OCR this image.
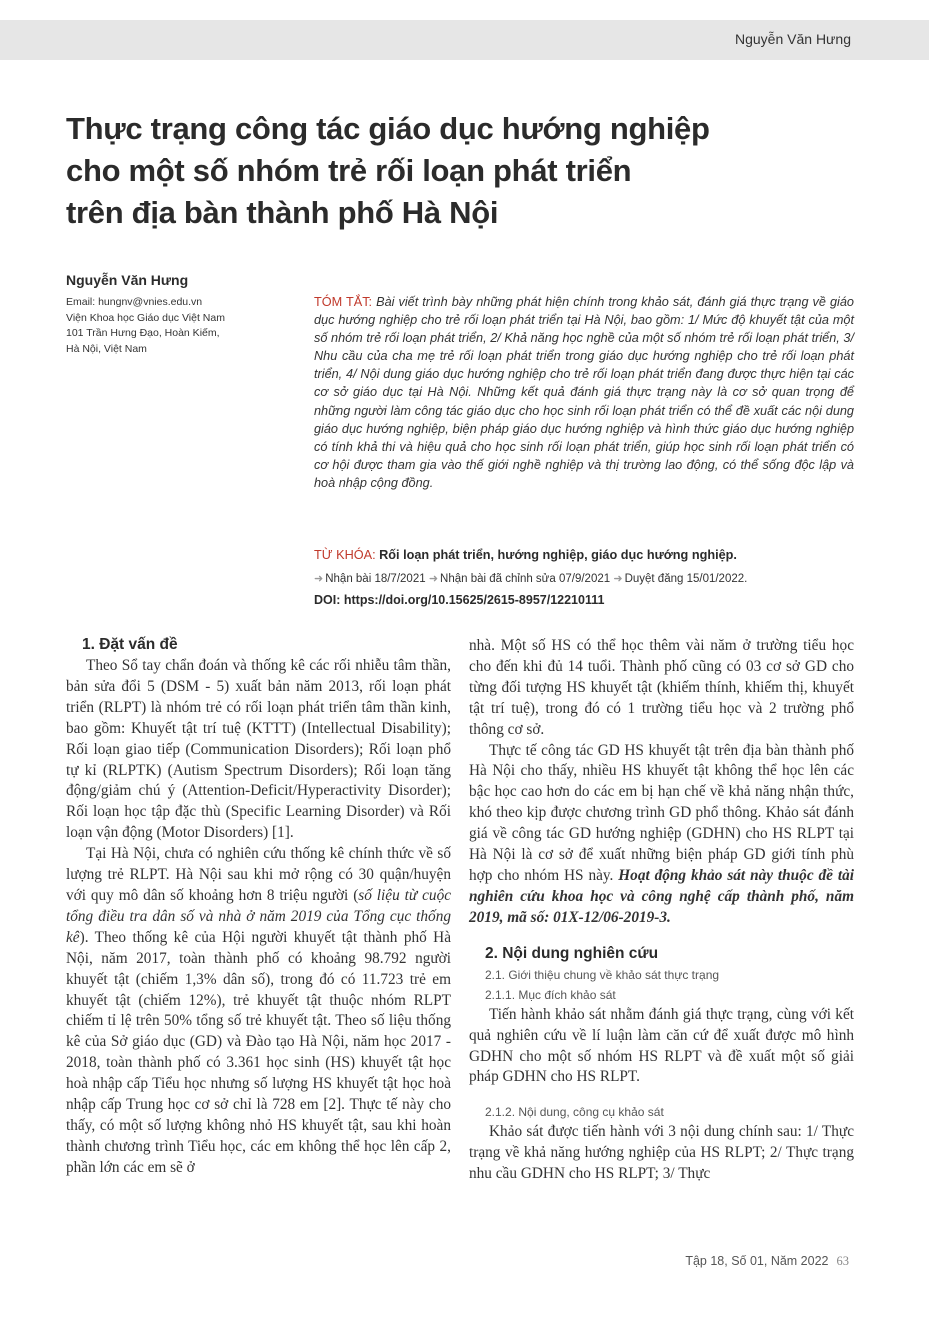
Nguyễn Văn Hưng
Thực trạng công tác giáo dục hướng nghiệp
cho một số nhóm trẻ rối loạn phát triển
trên địa bàn thành phố Hà Nội
Nguyễn Văn Hưng
Email: hungnv@vnies.edu.vn
Viện Khoa học Giáo dục Việt Nam
101 Trần Hưng Đạo, Hoàn Kiếm,
Hà Nội, Việt Nam
TÓM TẮT: Bài viết trình bày những phát hiện chính trong khảo sát, đánh giá thực trạng về giáo dục hướng nghiệp cho trẻ rối loạn phát triển tại Hà Nội, bao gồm: 1/ Mức độ khuyết tật của một số nhóm trẻ rối loạn phát triển, 2/ Khả năng học nghề của một số nhóm trẻ rối loạn phát triển, 3/ Nhu cầu của cha mẹ trẻ rối loạn phát triển trong giáo dục hướng nghiệp cho trẻ rối loạn phát triển, 4/ Nội dung giáo dục hướng nghiệp cho trẻ rối loạn phát triển đang được thực hiện tại các cơ sở giáo dục tại Hà Nội. Những kết quả đánh giá thực trạng này là cơ sở quan trọng để những người làm công tác giáo dục cho học sinh rối loạn phát triển có thể đề xuất các nội dung giáo dục hướng nghiệp, biện pháp giáo dục hướng nghiệp và hình thức giáo dục hướng nghiệp có tính khả thi và hiệu quả cho học sinh rối loạn phát triển, giúp học sinh rối loạn phát triển có cơ hội được tham gia vào thế giới nghề nghiệp và thị trường lao động, có thể sống độc lập và hoà nhập cộng đồng.
TỪ KHÓA: Rối loạn phát triển, hướng nghiệp, giáo dục hướng nghiệp.
➜ Nhận bài 18/7/2021 ➜ Nhận bài đã chỉnh sửa 07/9/2021 ➜ Duyệt đăng 15/01/2022.
DOI: https://doi.org/10.15625/2615-8957/12210111
1. Đặt vấn đề

Theo Sổ tay chẩn đoán và thống kê các rối nhiễu tâm thần, bản sửa đổi 5 (DSM - 5) xuất bản năm 2013, rối loạn phát triển (RLPT) là nhóm trẻ có rối loạn phát triển tâm thần kinh, bao gồm: Khuyết tật trí tuệ (KTTT) (Intellectual Disability); Rối loạn giao tiếp (Communication Disorders); Rối loạn phổ tự kỉ (RLPTK) (Autism Spectrum Disorders); Rối loạn tăng động/giảm chú ý (Attention-Deficit/Hyperactivity Disorder); Rối loạn học tập đặc thù (Specific Learning Disorder) và Rối loạn vận động (Motor Disorders) [1].

Tại Hà Nội, chưa có nghiên cứu thống kê chính thức về số lượng trẻ RLPT. Hà Nội sau khi mở rộng có 30 quận/huyện với quy mô dân số khoảng hơn 8 triệu người (số liệu từ cuộc tổng điều tra dân số và nhà ở năm 2019 của Tổng cục thống kê). Theo thống kê của Hội người khuyết tật thành phố Hà Nội, năm 2017, toàn thành phố có khoảng 98.792 người khuyết tật (chiếm 1,3% dân số), trong đó có 11.723 trẻ em khuyết tật (chiếm 12%), trẻ khuyết tật thuộc nhóm RLPT chiếm tỉ lệ trên 50% tổng số trẻ khuyết tật. Theo số liệu thống kê của Sở giáo dục (GD) và Đào tạo Hà Nội, năm học 2017 - 2018, toàn thành phố có 3.361 học sinh (HS) khuyết tật học hoà nhập cấp Tiểu học nhưng số lượng HS khuyết tật học hoà nhập cấp Trung học cơ sở chỉ là 728 em [2]. Thực tế này cho thấy, có một số lượng không nhỏ HS khuyết tật, sau khi hoàn thành chương trình Tiểu học, các em không thể học lên cấp 2, phần lớn các em sẽ ở

nhà. Một số HS có thể học thêm vài năm ở trường tiểu học cho đến khi đủ 14 tuổi. Thành phố cũng có 03 cơ sở GD cho từng đối tượng HS khuyết tật (khiếm thính, khiếm thị, khuyết tật trí tuệ), trong đó có 1 trường tiểu học và 2 trường phổ thông cơ sở.

Thực tế công tác GD HS khuyết tật trên địa bàn thành phố Hà Nội cho thấy, nhiều HS khuyết tật không thể học lên các bậc học cao hơn do các em bị hạn chế về khả năng nhận thức, khó theo kịp được chương trình GD phổ thông. Khảo sát đánh giá về công tác GD hướng nghiệp (GDHN) cho HS RLPT tại Hà Nội là cơ sở để xuất những biện pháp GD giới tính phù hợp cho nhóm HS này. Hoạt động khảo sát này thuộc đề tài nghiên cứu khoa học và công nghệ cấp thành phố, năm 2019, mã số: 01X-12/06-2019-3.

2. Nội dung nghiên cứu
2.1. Giới thiệu chung về khảo sát thực trạng
2.1.1. Mục đích khảo sát

Tiến hành khảo sát nhằm đánh giá thực trạng, cùng với kết quả nghiên cứu về lí luận làm căn cứ để xuất được mô hình GDHN cho một số nhóm HS RLPT và đề xuất một số giải pháp GDHN cho HS RLPT.

2.1.2. Nội dung, công cụ khảo sát

Khảo sát được tiến hành với 3 nội dung chính sau: 1/ Thực trạng về khả năng hướng nghiệp của HS RLPT; 2/ Thực trạng nhu cầu GDHN cho HS RLPT; 3/ Thực

Tập 18, Số 01, Năm 2022 63
